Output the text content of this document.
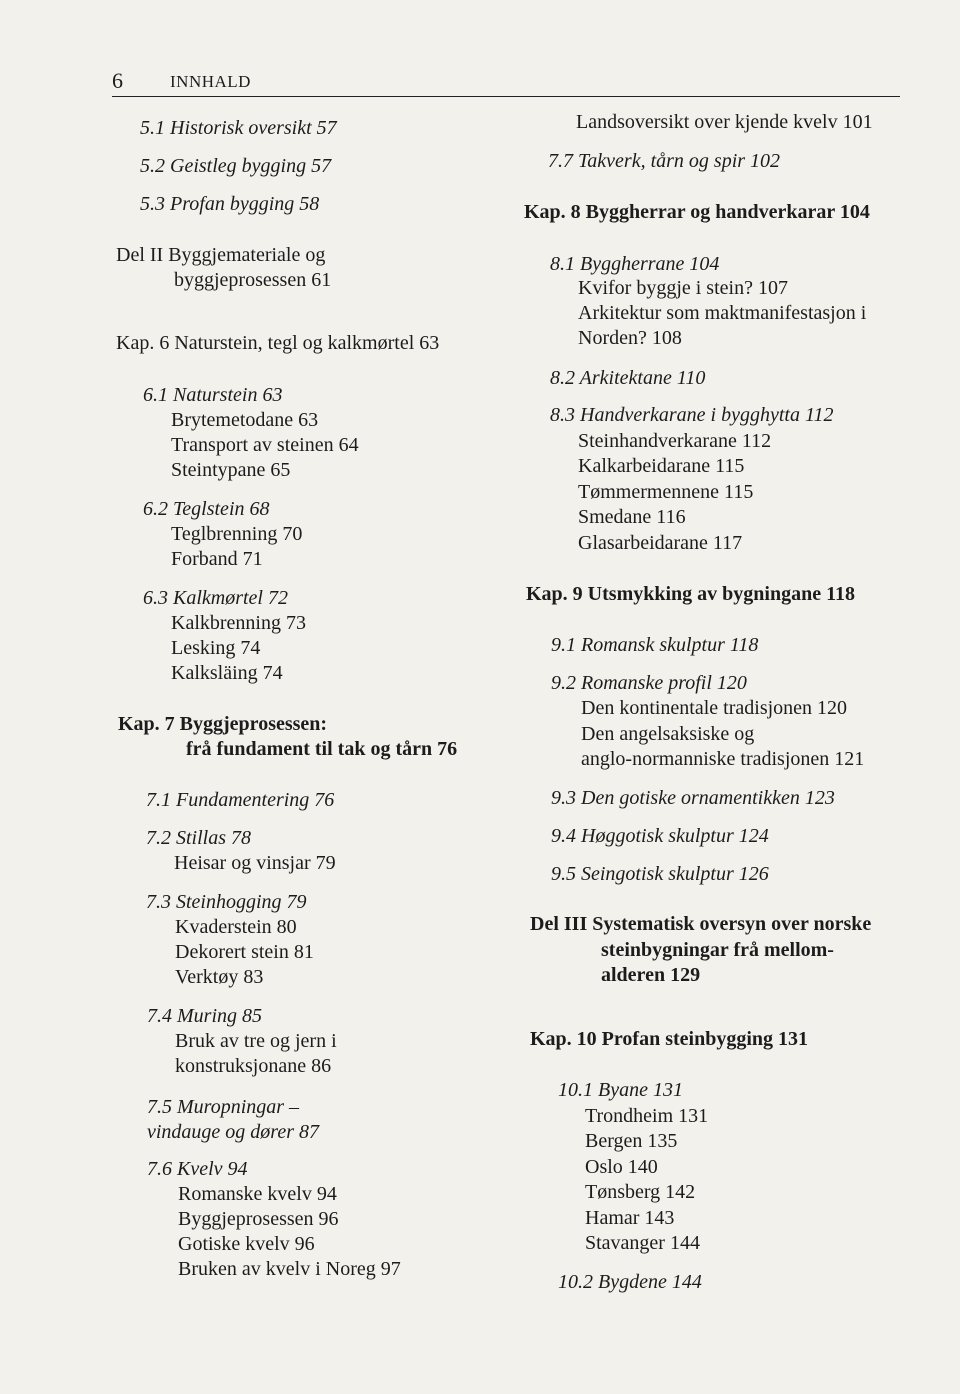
6	INNHALD
5.1 Historisk oversikt 57
5.2 Geistleg bygging 57
5.3 Profan bygging 58
Del II Byggjemateriale og
byggjeprosessen 61
Kap. 6 Naturstein, tegl og kalkmørtel 63
6.1 Naturstein 63
Brytemetodane 63
Transport av steinen 64
Steintypane 65
6.2 Teglstein 68
Teglbrenning 70
Forband 71
6.3 Kalkmørtel 72
Kalkbrenning 73
Lesking 74
Kalksläing 74
Kap. 7 Byggjeprosessen:
frå fundament til tak og tårn 76
7.1 Fundamentering 76
7.2 Stillas 78
Heisar og vinsjar 79
7.3 Steinhogging 79
Kvaderstein 80
Dekorert stein 81
Verktøy 83
7.4 Muring 85
Bruk av tre og jern i
konstruksjonane 86
7.5 Muropningar –
vindauge og dører 87
7.6 Kvelv 94
Romanske kvelv 94
Byggjeprosessen 96
Gotiske kvelv 96
Bruken av kvelv i Noreg 97
Landsoversikt over kjende kvelv 101
7.7 Takverk, tårn og spir 102
Kap. 8 Byggherrar og handverkarar 104
8.1 Byggherrane 104
Kvifor byggje i stein? 107
Arkitektur som maktmanifestasjon i
Norden? 108
8.2 Arkitektane 110
8.3 Handverkarane i bygghytta 112
Steinhandverkarane 112
Kalkarbeidarane 115
Tømmermennene 115
Smedane 116
Glasarbeidarane 117
Kap. 9 Utsmykking av bygningane 118
9.1 Romansk skulptur 118
9.2 Romanske profil 120
Den kontinentale tradisjonen 120
Den angelsaksiske og
anglo-normanniske tradisjonen 121
9.3 Den gotiske ornamentikken 123
9.4 Høggotisk skulptur 124
9.5 Seingotisk skulptur 126
Del III Systematisk oversyn over norske
steinbygningar frå mellom-
alderen 129
Kap. 10 Profan steinbygging 131
10.1 Byane 131
Trondheim 131
Bergen 135
Oslo 140
Tønsberg 142
Hamar 143
Stavanger 144
10.2 Bygdene 144
